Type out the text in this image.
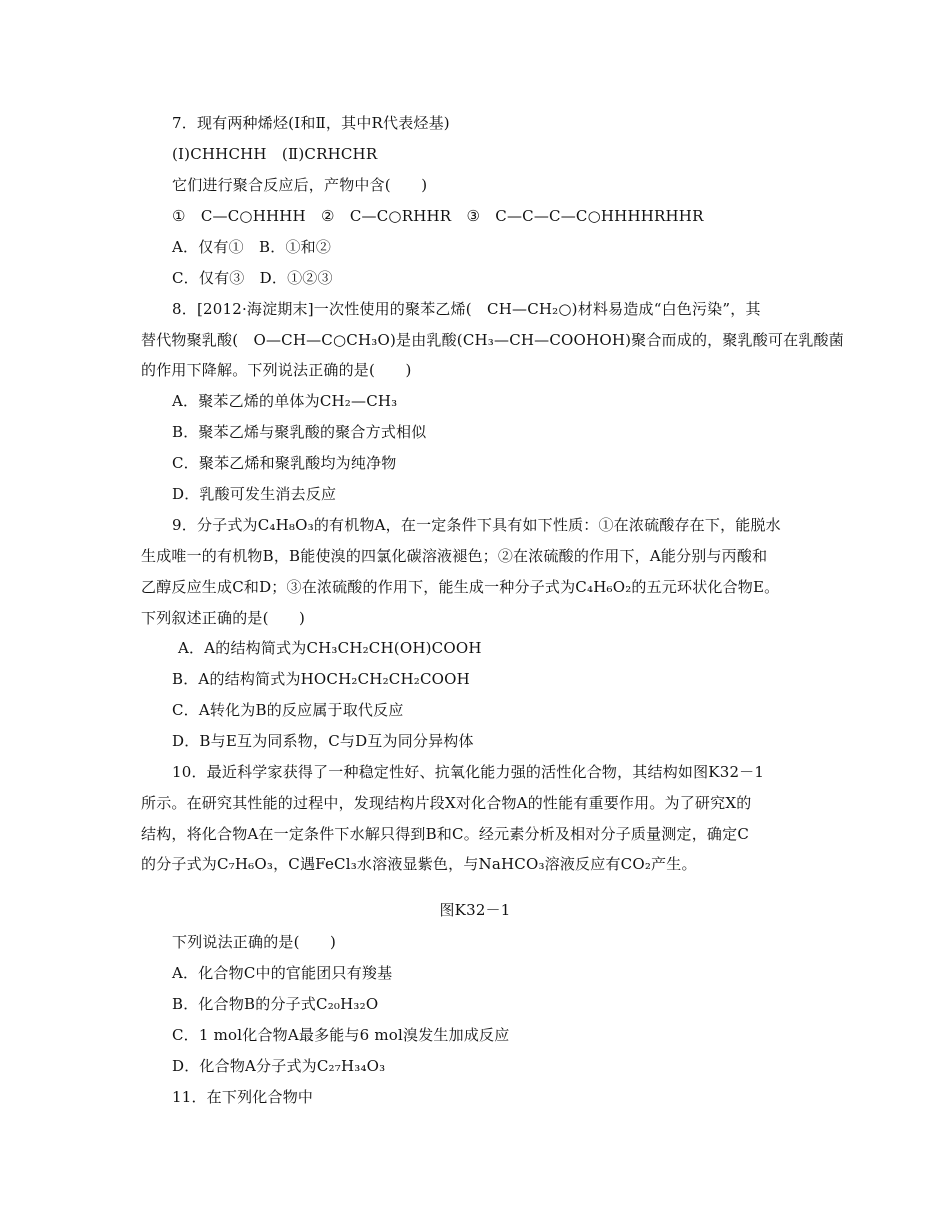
7．现有两种烯烃(Ⅰ和Ⅱ，其中R代表烃基)
(Ⅰ)CHHCHH　(Ⅱ)CRHCHR
它们进行聚合反应后，产物中含(　　)
①　C—C○HHHH　②　C—C○RHHR　③　C—C—C—C○HHHHRHHR
A．仅有①　B．①和②
C．仅有③　D．①②③
8．[2012·海淀期末]一次性使用的聚苯乙烯(　CH—CH₂○)材料易造成“白色污染”，其
替代物聚乳酸(　O—CH—C○CH₃O)是由乳酸(CH₃—CH—COOHOH)聚合而成的，聚乳酸可在乳酸菌
的作用下降解。下列说法正确的是(　　)
A．聚苯乙烯的单体为CH₂—CH₃
B．聚苯乙烯与聚乳酸的聚合方式相似
C．聚苯乙烯和聚乳酸均为纯净物
D．乳酸可发生消去反应
9．分子式为C₄H₈O₃的有机物A，在一定条件下具有如下性质：①在浓硫酸存在下，能脱水
生成唯一的有机物B，B能使溴的四氯化碳溶液褪色；②在浓硫酸的作用下，A能分别与丙酸和
乙醇反应生成C和D；③在浓硫酸的作用下，能生成一种分子式为C₄H₆O₂的五元环状化合物E。
下列叙述正确的是(　　)
A．A的结构简式为CH₃CH₂CH(OH)COOH
B．A的结构简式为HOCH₂CH₂CH₂COOH
C．A转化为B的反应属于取代反应
D．B与E互为同系物，C与D互为同分异构体
10．最近科学家获得了一种稳定性好、抗氧化能力强的活性化合物，其结构如图K32－1
所示。在研究其性能的过程中，发现结构片段X对化合物A的性能有重要作用。为了研究X的
结构，将化合物A在一定条件下水解只得到B和C。经元素分析及相对分子质量测定，确定C
的分子式为C₇H₆O₃，C遇FeCl₃水溶液显紫色，与NaHCO₃溶液反应有CO₂产生。
图K32－1
下列说法正确的是(　　)
A．化合物C中的官能团只有羧基
B．化合物B的分子式C₂₀H₃₂O
C．1 mol化合物A最多能与6 mol溴发生加成反应
D．化合物A分子式为C₂₇H₃₄O₃
11．在下列化合物中
